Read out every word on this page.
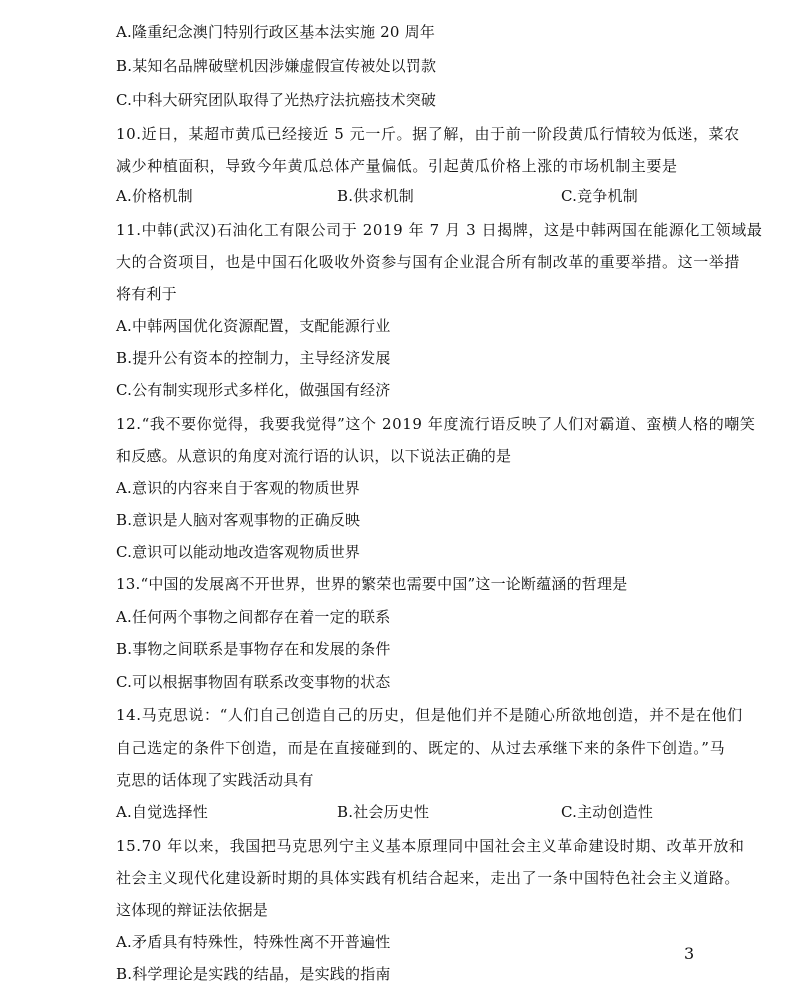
A.隆重纪念澳门特别行政区基本法实施 20 周年

B.某知名品牌破壁机因涉嫌虚假宣传被处以罚款

C.中科大研究团队取得了光热疗法抗癌技术突破

10.近日，某超市黄瓜已经接近 5 元一斤。据了解，由于前一阶段黄瓜行情较为低迷，菜农

减少种植面积，导致今年黄瓜总体产量偏低。引起黄瓜价格上涨的市场机制主要是

A.价格机制	B.供求机制	C.竞争机制

11.中韩(武汉)石油化工有限公司于 2019 年 7 月 3 日揭牌，这是中韩两国在能源化工领域最

大的合资项目，也是中国石化吸收外资参与国有企业混合所有制改革的重要举措。这一举措

将有利于

A.中韩两国优化资源配置，支配能源行业

B.提升公有资本的控制力，主导经济发展

C.公有制实现形式多样化，做强国有经济

12.“我不要你觉得，我要我觉得”这个 2019 年度流行语反映了人们对霸道、蛮横人格的嘲笑

和反感。从意识的角度对流行语的认识，以下说法正确的是

A.意识的内容来自于客观的物质世界

B.意识是人脑对客观事物的正确反映

C.意识可以能动地改造客观物质世界

13.“中国的发展离不开世界，世界的繁荣也需要中国”这一论断蕴涵的哲理是

A.任何两个事物之间都存在着一定的联系

B.事物之间联系是事物存在和发展的条件

C.可以根据事物固有联系改变事物的状态

14.马克思说：“人们自己创造自己的历史，但是他们并不是随心所欲地创造，并不是在他们

自己选定的条件下创造，而是在直接碰到的、既定的、从过去承继下来的条件下创造。”马

克思的话体现了实践活动具有

A.自觉选择性	B.社会历史性	C.主动创造性

15.70 年以来，我国把马克思列宁主义基本原理同中国社会主义革命建设时期、改革开放和

社会主义现代化建设新时期的具体实践有机结合起来，走出了一条中国特色社会主义道路。

这体现的辩证法依据是

A.矛盾具有特殊性，特殊性离不开普遍性

B.科学理论是实践的结晶，是实践的指南

3
